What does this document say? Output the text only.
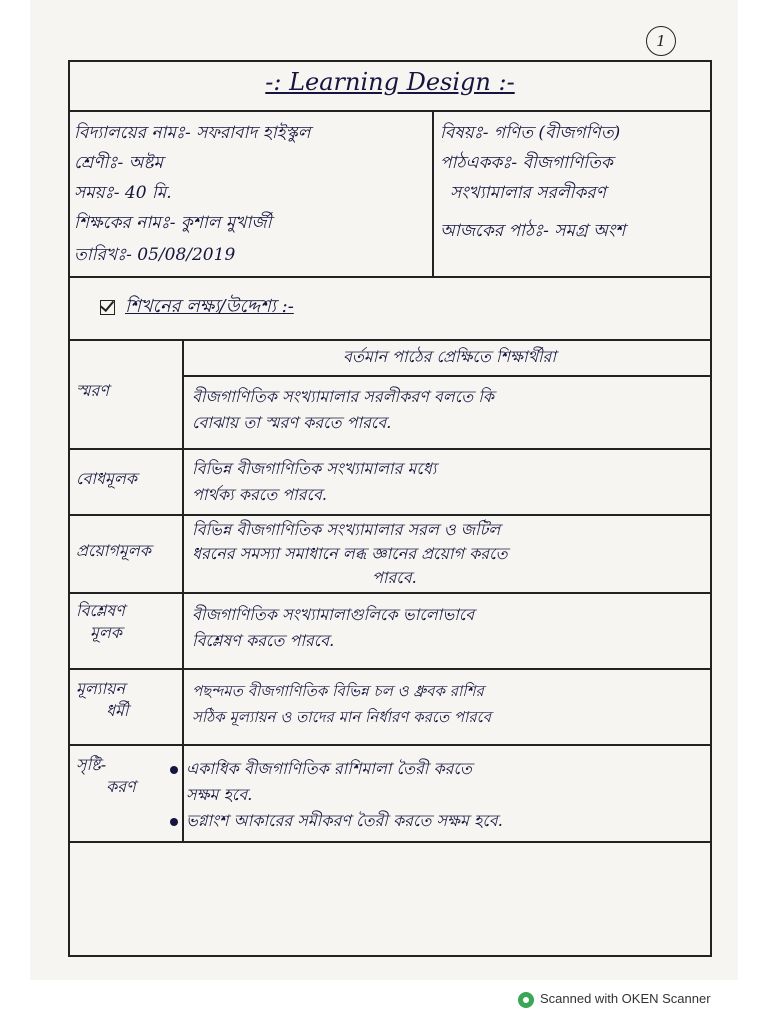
1
-: Learning Design :-
বিদ্যালয়ের নামঃ- সফরাবাদ হাইস্কুল
শ্রেণীঃ- অষ্টম
সময়ঃ- 40 মি.
শিক্ষকের নামঃ- কুশাল মুখার্জী
তারিখঃ- 05/08/2019
বিষয়ঃ- গণিত (বীজগণিত)
পাঠএককঃ- বীজগাণিতিক
সংখ্যামালার সরলীকরণ
আজকের পাঠঃ- সমগ্র অংশ
শিখনের লক্ষ্য/উদ্দেশ্য :-
বর্তমান পাঠের প্রেক্ষিতে শিক্ষার্থীরা
স্মরণ	বীজগাণিতিক সংখ্যামালার সরলীকরণ বলতে কি
বোঝায় তা স্মরণ করতে পারবে.
বোধমূলক
বিভিন্ন বীজগাণিতিক সংখ্যামালার মধ্যে
পার্থক্য করতে পারবে.
প্রয়োগমূলক
বিভিন্ন বীজগাণিতিক সংখ্যামালার সরল ও জটিল
ধরনের সমস্যা সমাধানে লব্ধ জ্ঞানের প্রয়োগ করতে
পারবে.
বিশ্লেষণ
মূলক
বীজগাণিতিক সংখ্যামালাগুলিকে ভালোভাবে
বিশ্লেষণ করতে পারবে.
মূল্যায়ন
ধর্মী
পছন্দমত বীজগাণিতিক বিভিন্ন চল ও ধ্রুবক রাশির
সঠিক মূল্যায়ন ও তাদের মান নির্ধারণ করতে পারবে
সৃষ্টি-
করণ
একাধিক বীজগাণিতিক রাশিমালা তৈরী করতে
সক্ষম হবে.
ভগ্নাংশ আকারের সমীকরণ তৈরী করতে সক্ষম হবে.
Scanned with OKEN Scanner
